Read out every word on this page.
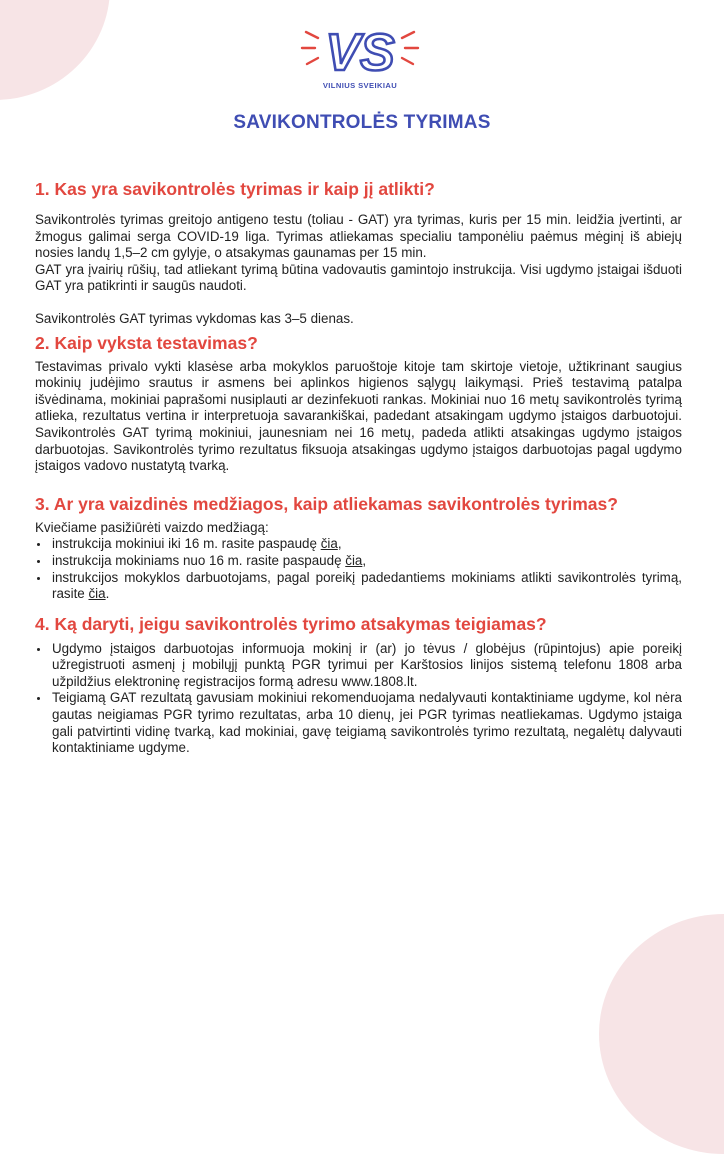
VS
VILNIUS SVEIKIAU
SAVIKONTROLĖS TYRIMAS
1. Kas yra savikontrolės tyrimas ir kaip jį atlikti?

Savikontrolės tyrimas greitojo antigeno testu (toliau - GAT) yra tyrimas, kuris per 15 min. leidžia įvertinti, ar žmogus galimai serga COVID-19 liga. Tyrimas atliekamas specialiu tamponėliu paėmus mėginį iš abiejų nosies landų 1,5–2 cm gylyje, o atsakymas gaunamas per 15 min.

GAT yra įvairių rūšių, tad atliekant tyrimą būtina vadovautis gamintojo instrukcija. Visi ugdymo įstaigai išduoti GAT yra patikrinti ir saugūs naudoti.

Savikontrolės GAT tyrimas vykdomas kas 3–5 dienas.

2. Kaip vyksta testavimas?

Testavimas privalo vykti klasėse arba mokyklos paruoštoje kitoje tam skirtoje vietoje, užtikrinant saugius mokinių judėjimo srautus ir asmens bei aplinkos higienos sąlygų laikymąsi. Prieš testavimą patalpa išvėdinama, mokiniai paprašomi nusiplauti ar dezinfekuoti rankas. Mokiniai nuo 16 metų savikontrolės tyrimą atlieka, rezultatus vertina ir interpretuoja savarankiškai, padedant atsakingam ugdymo įstaigos darbuotojui. Savikontrolės GAT tyrimą mokiniui, jaunesniam nei 16 metų, padeda atlikti atsakingas ugdymo įstaigos darbuotojas. Savikontrolės tyrimo rezultatus fiksuoja atsakingas ugdymo įstaigos darbuotojas pagal ugdymo įstaigos vadovo nustatytą tvarką.

3. Ar yra vaizdinės medžiagos, kaip atliekamas savikontrolės tyrimas?

Kviečiame pasižiūrėti vaizdo medžiagą:

• instrukcija mokiniui iki 16 m. rasite paspaudę čia,
• instrukcija mokiniams nuo 16 m. rasite paspaudę čia,
• instrukcijos mokyklos darbuotojams, pagal poreikį padedantiems mokiniams atlikti savikontrolės tyrimą, rasite čia.
4. Ką daryti, jeigu savikontrolės tyrimo atsakymas teigiamas?
• Ugdymo įstaigos darbuotojas informuoja mokinį ir (ar) jo tėvus / globėjus (rūpintojus) apie poreikį užregistruoti asmenį į mobilųjį punktą PGR tyrimui per Karštosios linijos sistemą telefonu 1808 arba užpildžius elektroninę registracijos formą adresu www.1808.lt.
• Teigiamą GAT rezultatą gavusiam mokiniui rekomenduojama nedalyvauti kontaktiniame ugdyme, kol nėra gautas neigiamas PGR tyrimo rezultatas, arba 10 dienų, jei PGR tyrimas neatliekamas. Ugdymo įstaiga gali patvirtinti vidinę tvarką, kad mokiniai, gavę teigiamą savikontrolės tyrimo rezultatą, negalėtų dalyvauti kontaktiniame ugdyme.
